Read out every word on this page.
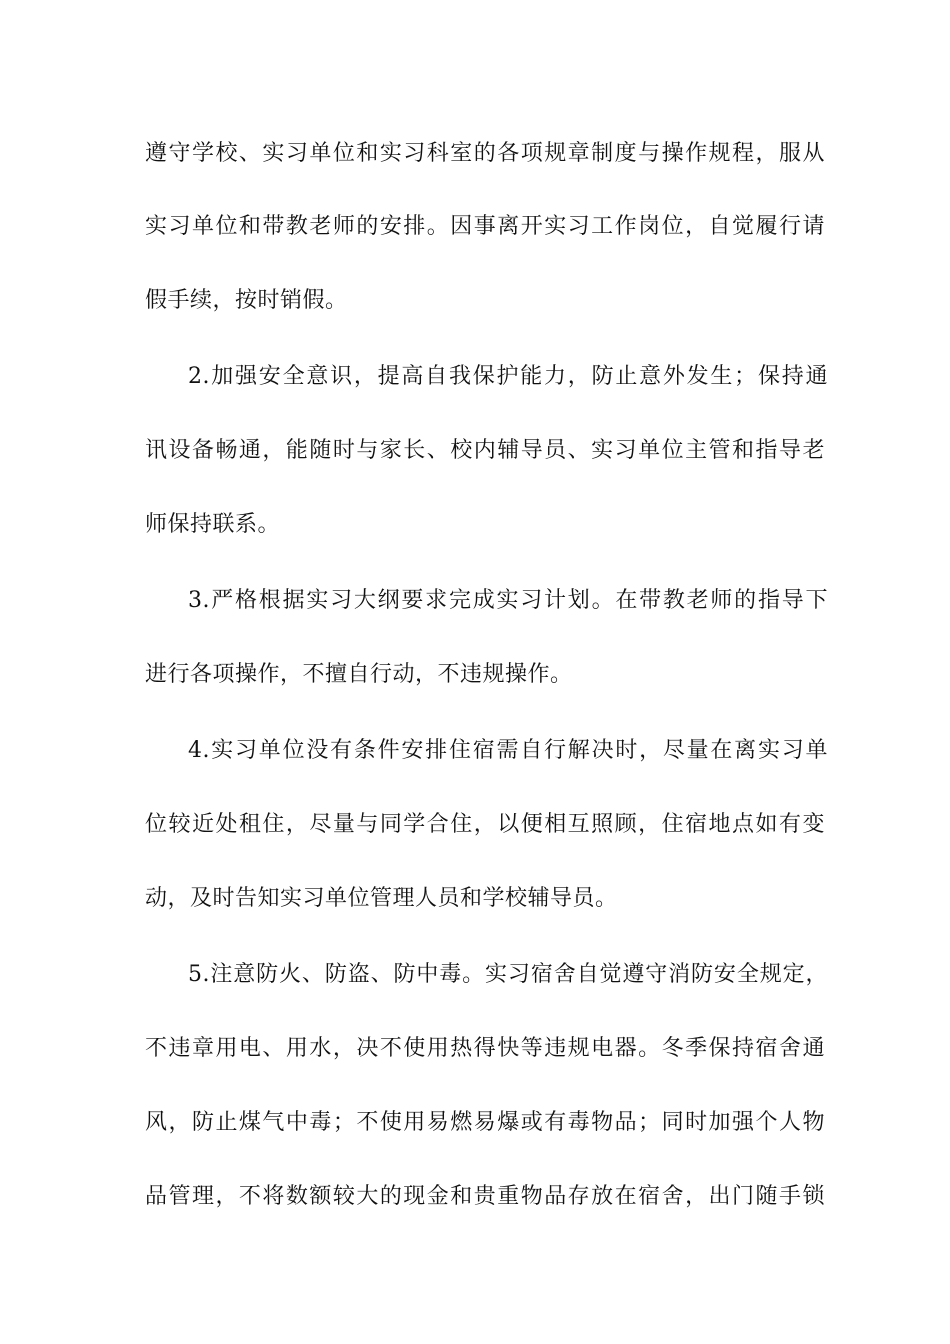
遵守学校、实习单位和实习科室的各项规章制度与操作规程，服从
实习单位和带教老师的安排。因事离开实习工作岗位，自觉履行请
假手续，按时销假。
2.加强安全意识，提高自我保护能力，防止意外发生；保持通
讯设备畅通，能随时与家长、校内辅导员、实习单位主管和指导老
师保持联系。
3.严格根据实习大纲要求完成实习计划。在带教老师的指导下
进行各项操作，不擅自行动，不违规操作。
4.实习单位没有条件安排住宿需自行解决时，尽量在离实习单
位较近处租住，尽量与同学合住，以便相互照顾，住宿地点如有变
动，及时告知实习单位管理人员和学校辅导员。
5.注意防火、防盗、防中毒。实习宿舍自觉遵守消防安全规定，
不违章用电、用水，决不使用热得快等违规电器。冬季保持宿舍通
风，防止煤气中毒；不使用易燃易爆或有毒物品；同时加强个人物
品管理，不将数额较大的现金和贵重物品存放在宿舍，出门随手锁
